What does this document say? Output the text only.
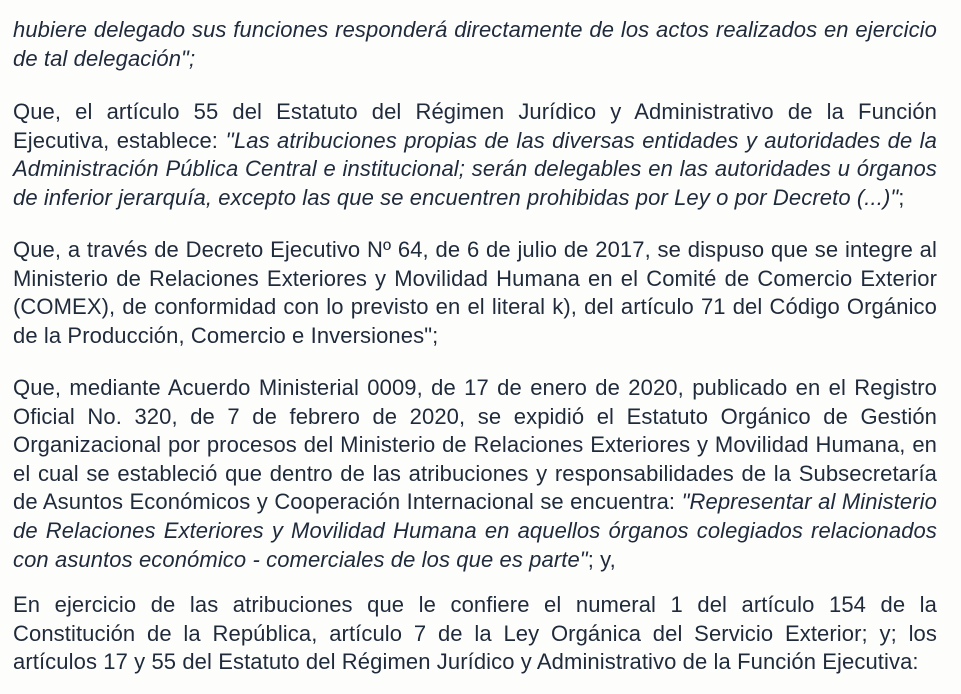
hubiere delegado sus funciones responderá directamente de los actos realizados en ejercicio de tal delegación";

Que, el artículo 55 del Estatuto del Régimen Jurídico y Administrativo de la Función Ejecutiva, establece: ''Las atribuciones propias de las diversas entidades y autoridades de la Administración Pública Central e institucional; serán delegables en las autoridades u órganos de inferior jerarquía, excepto las que se encuentren prohibidas por Ley o por Decreto (...)";

Que, a través de Decreto Ejecutivo Nº 64, de 6 de julio de 2017, se dispuso que se integre al Ministerio de Relaciones Exteriores y Movilidad Humana en el Comité de Comercio Exterior (COMEX), de conformidad con lo previsto en el literal k), del artículo 71 del Código Orgánico de la Producción, Comercio e Inversiones";

Que, mediante Acuerdo Ministerial 0009, de 17 de enero de 2020, publicado en el Registro Oficial No. 320, de 7 de febrero de 2020, se expidió el Estatuto Orgánico de Gestión Organizacional por procesos del Ministerio de Relaciones Exteriores y Movilidad Humana, en el cual se estableció que dentro de las atribuciones y responsabilidades de la Subsecretaría de Asuntos Económicos y Cooperación Internacional se encuentra: "Representar al Ministerio de Relaciones Exteriores y Movilidad Humana en aquellos órganos colegiados relacionados con asuntos económico - comerciales de los que es parte"; y,

En ejercicio de las atribuciones que le confiere el numeral 1 del artículo 154 de la Constitución de la República, artículo 7 de la Ley Orgánica del Servicio Exterior; y; los artículos 17 y 55 del Estatuto del Régimen Jurídico y Administrativo de la Función Ejecutiva:
